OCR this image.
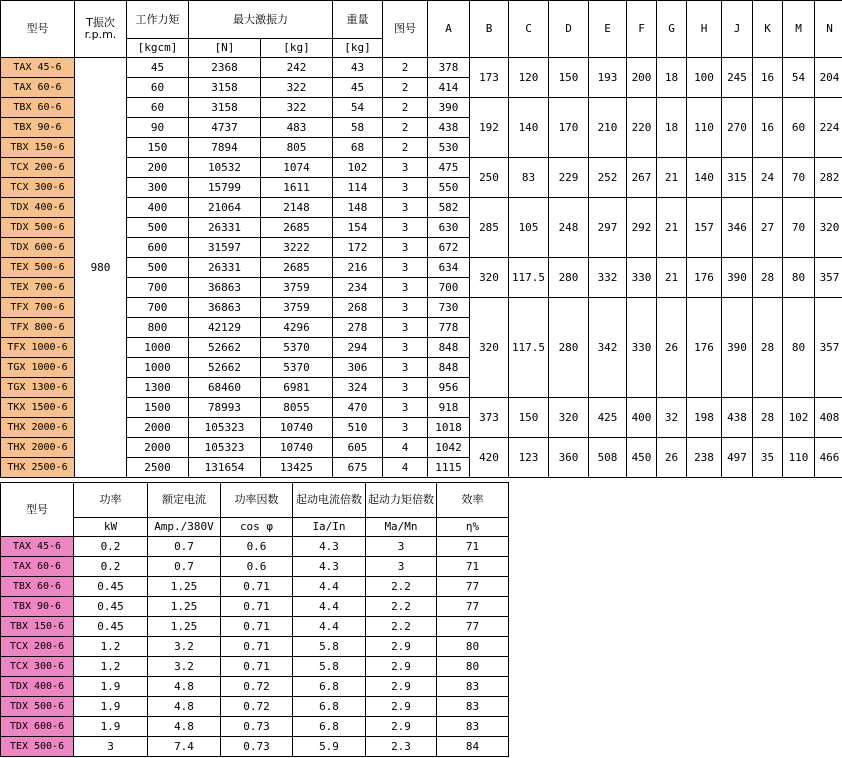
型号	T振次
r.p.m.	工作力矩	最大激振力		重量	图号	A	B	C	D	E	F	G	H	J	K	M	N
		[kgcm]	[N]	[kg]	[kg]													
TAX 45-6	980	45	2368	242	43	2	378	173	120	150	193	200	18	100	245	16	54	204
TAX 60-6		60	3158	322	45	2	414											
TBX 60-6		60	3158	322	54	2	390	192	140	170	210	220	18	110	270	16	60	224
TBX 90-6		90	4737	483	58	2	438											
TBX 150-6		150	7894	805	68	2	530											
TCX 200-6		200	10532	1074	102	3	475	250	83	229	252	267	21	140	315	24	70	282
TCX 300-6		300	15799	1611	114	3	550											
TDX 400-6		400	21064	2148	148	3	582	285	105	248	297	292	21	157	346	27	70	320
TDX 500-6		500	26331	2685	154	3	630											
TDX 600-6		600	31597	3222	172	3	672											
TEX 500-6		500	26331	2685	216	3	634	320	117.5	280	332	330	21	176	390	28	80	357
TEX 700-6		700	36863	3759	234	3	700											
TFX 700-6		700	36863	3759	268	3	730	320	117.5	280	342	330	26	176	390	28	80	357
TFX 800-6		800	42129	4296	278	3	778											
TFX 1000-6		1000	52662	5370	294	3	848											
TGX 1000-6		1000	52662	5370	306	3	848											
TGX 1300-6		1300	68460	6981	324	3	956											
TKX 1500-6		1500	78993	8055	470	3	918	373	150	320	425	400	32	198	438	28	102	408
THX 2000-6		2000	105323	10740	510	3	1018											
THX 2000-6		2000	105323	10740	605	4	1042	420	123	360	508	450	26	238	497	35	110	466
THX 2500-6		2500	131654	13425	675	4	1115											
型号	功率	额定电流	功率因数	起动电流倍数	起动力矩倍数	效率
	kW	Amp./380V	cos φ	Ia/In	Ma/Mn	η%
TAX 45-6	0.2	0.7	0.6	4.3	3	71
TAX 60-6	0.2	0.7	0.6	4.3	3	71
TBX 60-6	0.45	1.25	0.71	4.4	2.2	77
TBX 90-6	0.45	1.25	0.71	4.4	2.2	77
TBX 150-6	0.45	1.25	0.71	4.4	2.2	77
TCX 200-6	1.2	3.2	0.71	5.8	2.9	80
TCX 300-6	1.2	3.2	0.71	5.8	2.9	80
TDX 400-6	1.9	4.8	0.72	6.8	2.9	83
TDX 500-6	1.9	4.8	0.72	6.8	2.9	83
TDX 600-6	1.9	4.8	0.73	6.8	2.9	83
TEX 500-6	3	7.4	0.73	5.9	2.3	84
